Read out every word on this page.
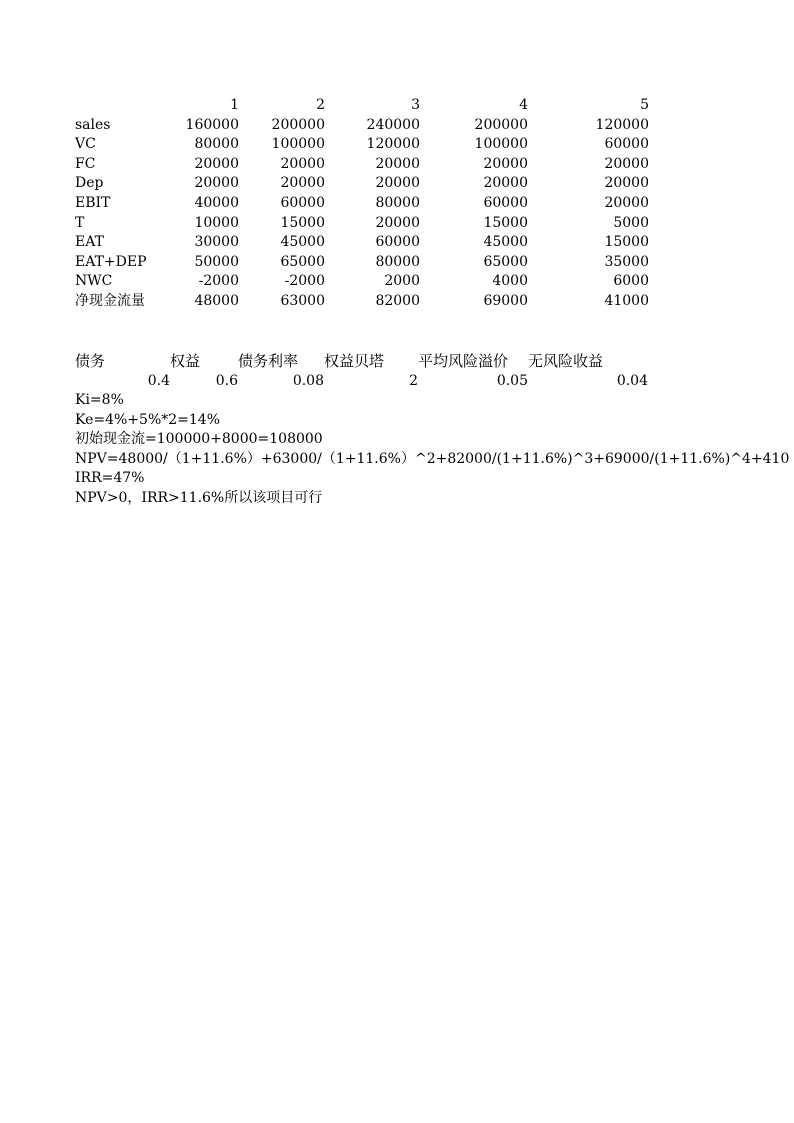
	1	2	3	4	5
sales	160000	200000	240000	200000	120000
VC	80000	100000	120000	100000	60000
FC	20000	20000	20000	20000	20000
Dep	20000	20000	20000	20000	20000
EBIT	40000	60000	80000	60000	20000
T	10000	15000	20000	15000	5000
EAT	30000	45000	60000	45000	15000
EAT+DEP	50000	65000	80000	65000	35000
NWC	-2000	-2000	2000	4000	6000
净现金流量	48000	63000	82000	69000	41000
债务	权益	债务利率	权益贝塔	平均风险溢价	无风险收益
0.4	0.6	0.08	2	0.05	0.04
Ki=8%
Ke=4%+5%*2=14%
初始现金流=100000+8000=108000
NPV=48000/（1+11.6%）+63000/（1+11.6%）^2+82000/(1+11.6%)^3+69000/(1+11.6%)^4+410
IRR=47%
NPV>0，IRR>11.6%所以该项目可行
